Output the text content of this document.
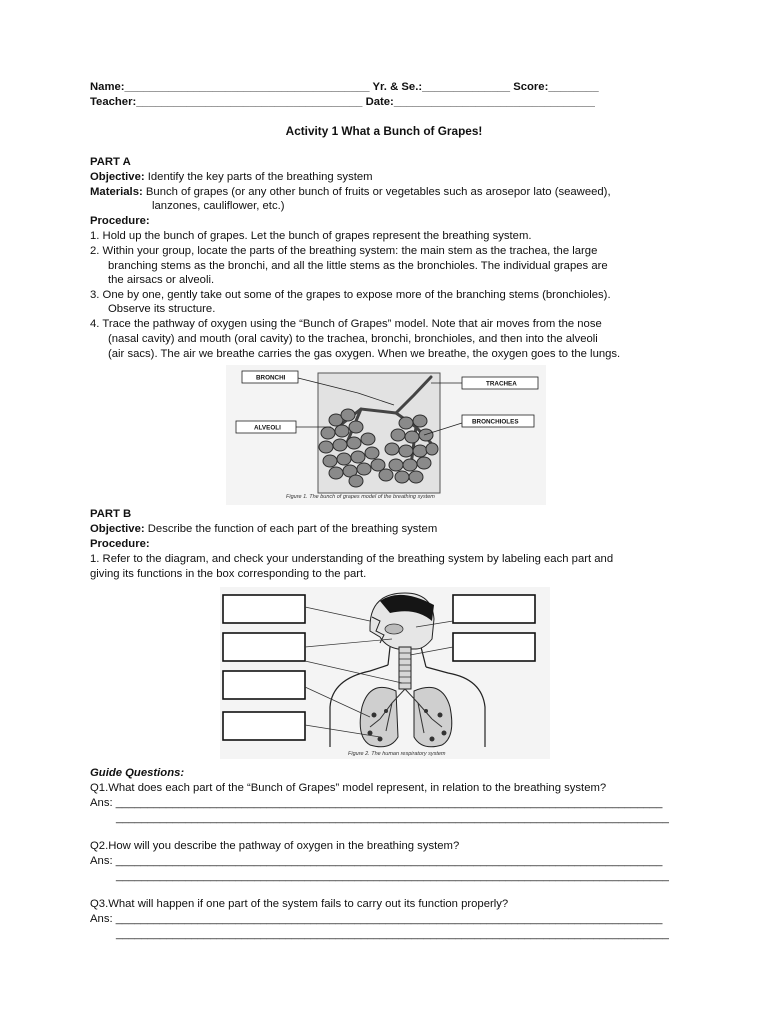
Name:_______________________________________ Yr. & Se.:______________ Score:________
Teacher:____________________________________ Date:________________________________
Activity 1 What a Bunch of Grapes!
PART A
Objective: Identify the key parts of the breathing system
Materials: Bunch of grapes (or any other bunch of fruits or vegetables such as arosepor lato (seaweed),
lanzones, cauliflower, etc.)
Procedure:
1. Hold up the bunch of grapes. Let the bunch of grapes represent the breathing system.
2. Within your group, locate the parts of the breathing system: the main stem as the trachea, the large
branching stems as the bronchi, and all the little stems as the bronchioles. The individual grapes are
the airsacs or alveoli.
3. One by one, gently take out some of the grapes to expose more of the branching stems (bronchioles).
Observe its structure.
4. Trace the pathway of oxygen using the “Bunch of Grapes” model. Note that air moves from the nose
(nasal cavity) and mouth (oral cavity) to the trachea, bronchi, bronchioles, and then into the alveoli
(air sacs). The air we breathe carries the gas oxygen. When we breathe, the oxygen goes to the lungs.
BRONCHI
TRACHEA
ALVEOLI
BRONCHIOLES
Figure 1. The bunch of grapes model of the breathing system
PART B
Objective: Describe the function of each part of the breathing system
Procedure:
1. Refer to the diagram, and check your understanding of the breathing system by labeling each part and
giving its functions in the box corresponding to the part.
Figure 2. The human respiratory system
Guide Questions:
Q1.What does each part of the “Bunch of Grapes” model represent, in relation to the breathing system?
Ans: _______________________________________________________________________________________
________________________________________________________________________________________
Q2.How will you describe the pathway of oxygen in the breathing system?
Ans: _______________________________________________________________________________________
________________________________________________________________________________________
Q3.What will happen if one part of the system fails to carry out its function properly?
Ans: _______________________________________________________________________________________
________________________________________________________________________________________
